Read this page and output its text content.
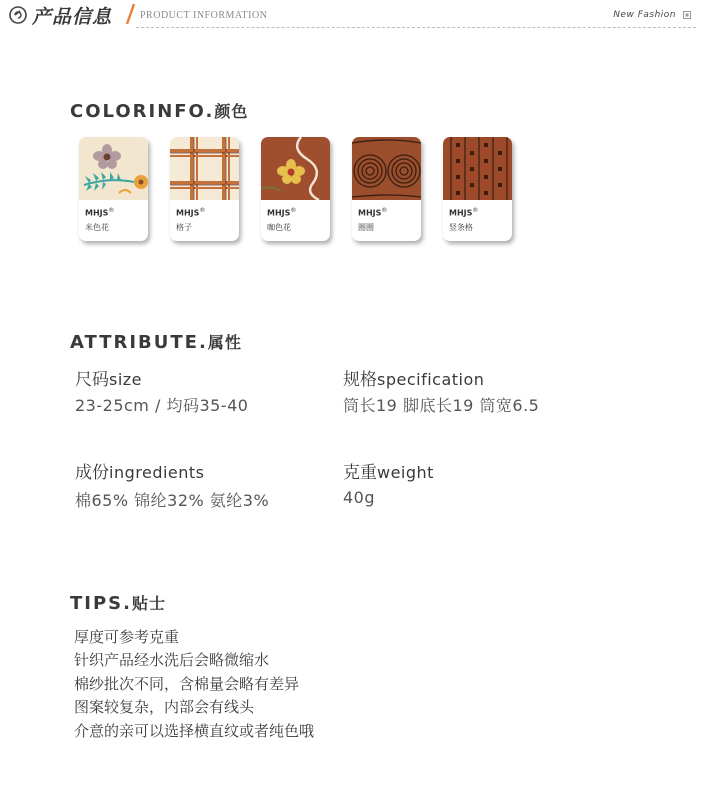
产品信息	PRODUCT INFORMATION	New Fashion
COLORINFO.颜色
MHJS®
米色花
MHJS®
格子
MHJS®
咖色花
MHJS®
圈圈
MHJS®
竖条格
ATTRIBUTE.属性
尺码size
23-25cm / 均码35-40
规格specification
筒长19 脚底长19 筒宽6.5
成份ingredients
棉65% 锦纶32% 氨纶3%
克重weight
40g
TIPS.贴士
厚度可参考克重
针织产品经水洗后会略微缩水
棉纱批次不同，含棉量会略有差异
图案较复杂，内部会有线头
介意的亲可以选择横直纹或者纯色哦
